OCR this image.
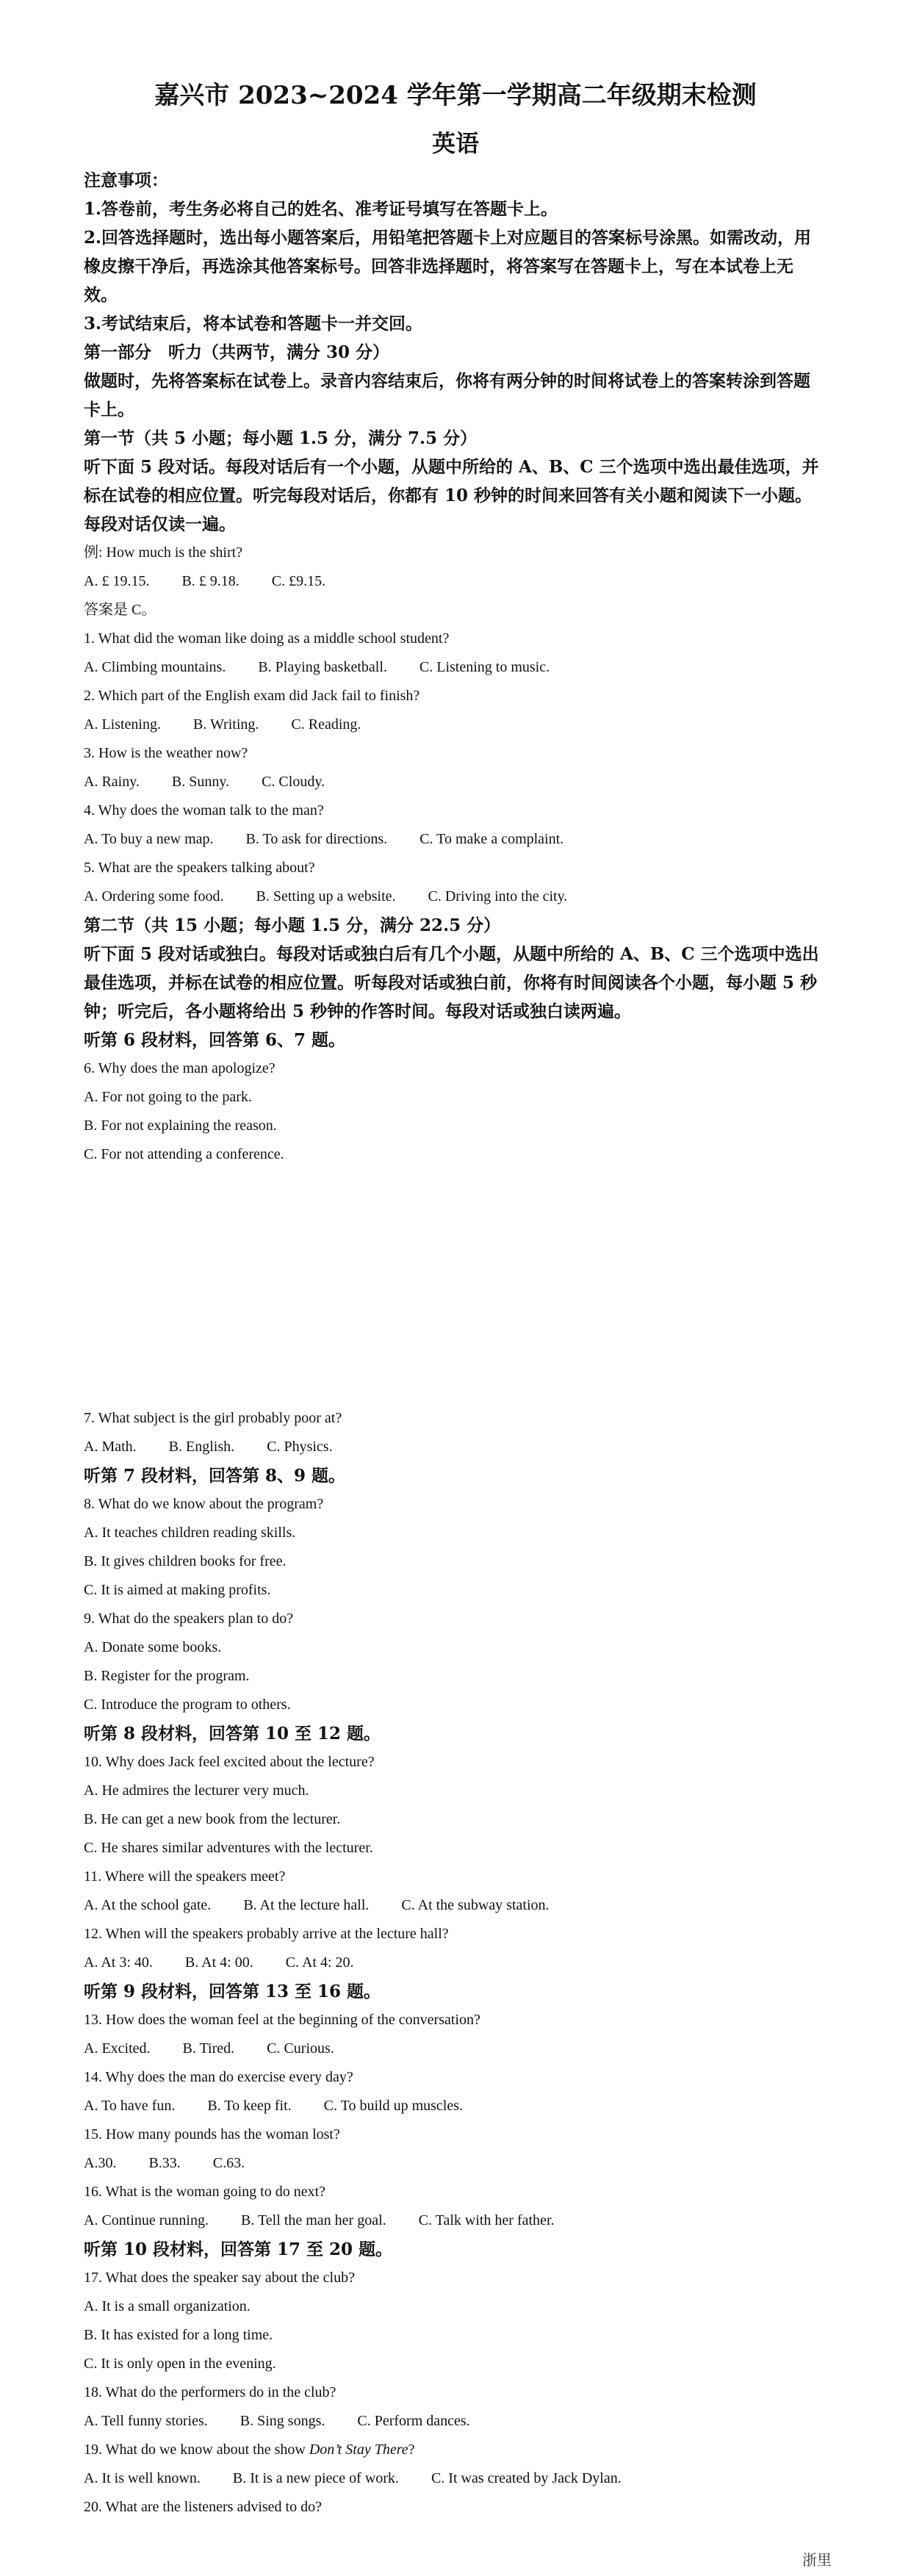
嘉兴市 2023~2024 学年第一学期高二年级期末检测
英语
注意事项：
1.答卷前，考生务必将自己的姓名、准考证号填写在答题卡上。
2.回答选择题时，选出每小题答案后，用铅笔把答题卡上对应题目的答案标号涂黑。如需改动，用橡皮擦干净后，再选涂其他答案标号。回答非选择题时，将答案写在答题卡上，写在本试卷上无效。
3.考试结束后，将本试卷和答题卡一并交回。
第一部分　听力（共两节，满分 30 分）
做题时，先将答案标在试卷上。录音内容结束后，你将有两分钟的时间将试卷上的答案转涂到答题卡上。
第一节（共 5 小题；每小题 1.5 分，满分 7.5 分）
听下面 5 段对话。每段对话后有一个小题，从题中所给的 A、B、C 三个选项中选出最佳选项，并标在试卷的相应位置。听完每段对话后，你都有 10 秒钟的时间来回答有关小题和阅读下一小题。每段对话仅读一遍。
例: How much is the shirt?
A. £ 19.15. B. £ 9.18. C. £9.15.
答案是 C。
1. What did the woman like doing as a middle school student?
A. Climbing mountains. B. Playing basketball. C. Listening to music.
2. Which part of the English exam did Jack fail to finish?
A. Listening. B. Writing. C. Reading.
3. How is the weather now?
A. Rainy. B. Sunny. C. Cloudy.
4. Why does the woman talk to the man?
A. To buy a new map. B. To ask for directions. C. To make a complaint.
5. What are the speakers talking about?
A. Ordering some food. B. Setting up a website. C. Driving into the city.
第二节（共 15 小题；每小题 1.5 分，满分 22.5 分）
听下面 5 段对话或独白。每段对话或独白后有几个小题，从题中所给的 A、B、C 三个选项中选出最佳选项，并标在试卷的相应位置。听每段对话或独白前，你将有时间阅读各个小题，每小题 5 秒钟；听完后，各小题将给出 5 秒钟的作答时间。每段对话或独白读两遍。
听第 6 段材料，回答第 6、7 题。
6. Why does the man apologize?
A. For not going to the park.
B. For not explaining the reason.
C. For not attending a conference.
7. What subject is the girl probably poor at?
A. Math. B. English. C. Physics.
听第 7 段材料，回答第 8、9 题。
8. What do we know about the program?
A. It teaches children reading skills.
B. It gives children books for free.
C. It is aimed at making profits.
9. What do the speakers plan to do?
A. Donate some books.
B. Register for the program.
C. Introduce the program to others.
听第 8 段材料，回答第 10 至 12 题。
10. Why does Jack feel excited about the lecture?
A. He admires the lecturer very much.
B. He can get a new book from the lecturer.
C. He shares similar adventures with the lecturer.
11. Where will the speakers meet?
A. At the school gate. B. At the lecture hall. C. At the subway station.
12. When will the speakers probably arrive at the lecture hall?
A. At 3: 40. B. At 4: 00. C. At 4: 20.
听第 9 段材料，回答第 13 至 16 题。
13. How does the woman feel at the beginning of the conversation?
A. Excited. B. Tired. C. Curious.
14. Why does the man do exercise every day?
A. To have fun. B. To keep fit. C. To build up muscles.
15. How many pounds has the woman lost?
A.30. B.33. C.63.
16. What is the woman going to do next?
A. Continue running. B. Tell the man her goal. C. Talk with her father.
听第 10 段材料，回答第 17 至 20 题。
17. What does the speaker say about the club?
A. It is a small organization.
B. It has existed for a long time.
C. It is only open in the evening.
18. What do the performers do in the club?
A. Tell funny stories. B. Sing songs. C. Perform dances.
19. What do we know about the show Don’t Stay There?
A. It is well known. B. It is a new piece of work. C. It was created by Jack Dylan.
20. What are the listeners advised to do?
浙里
